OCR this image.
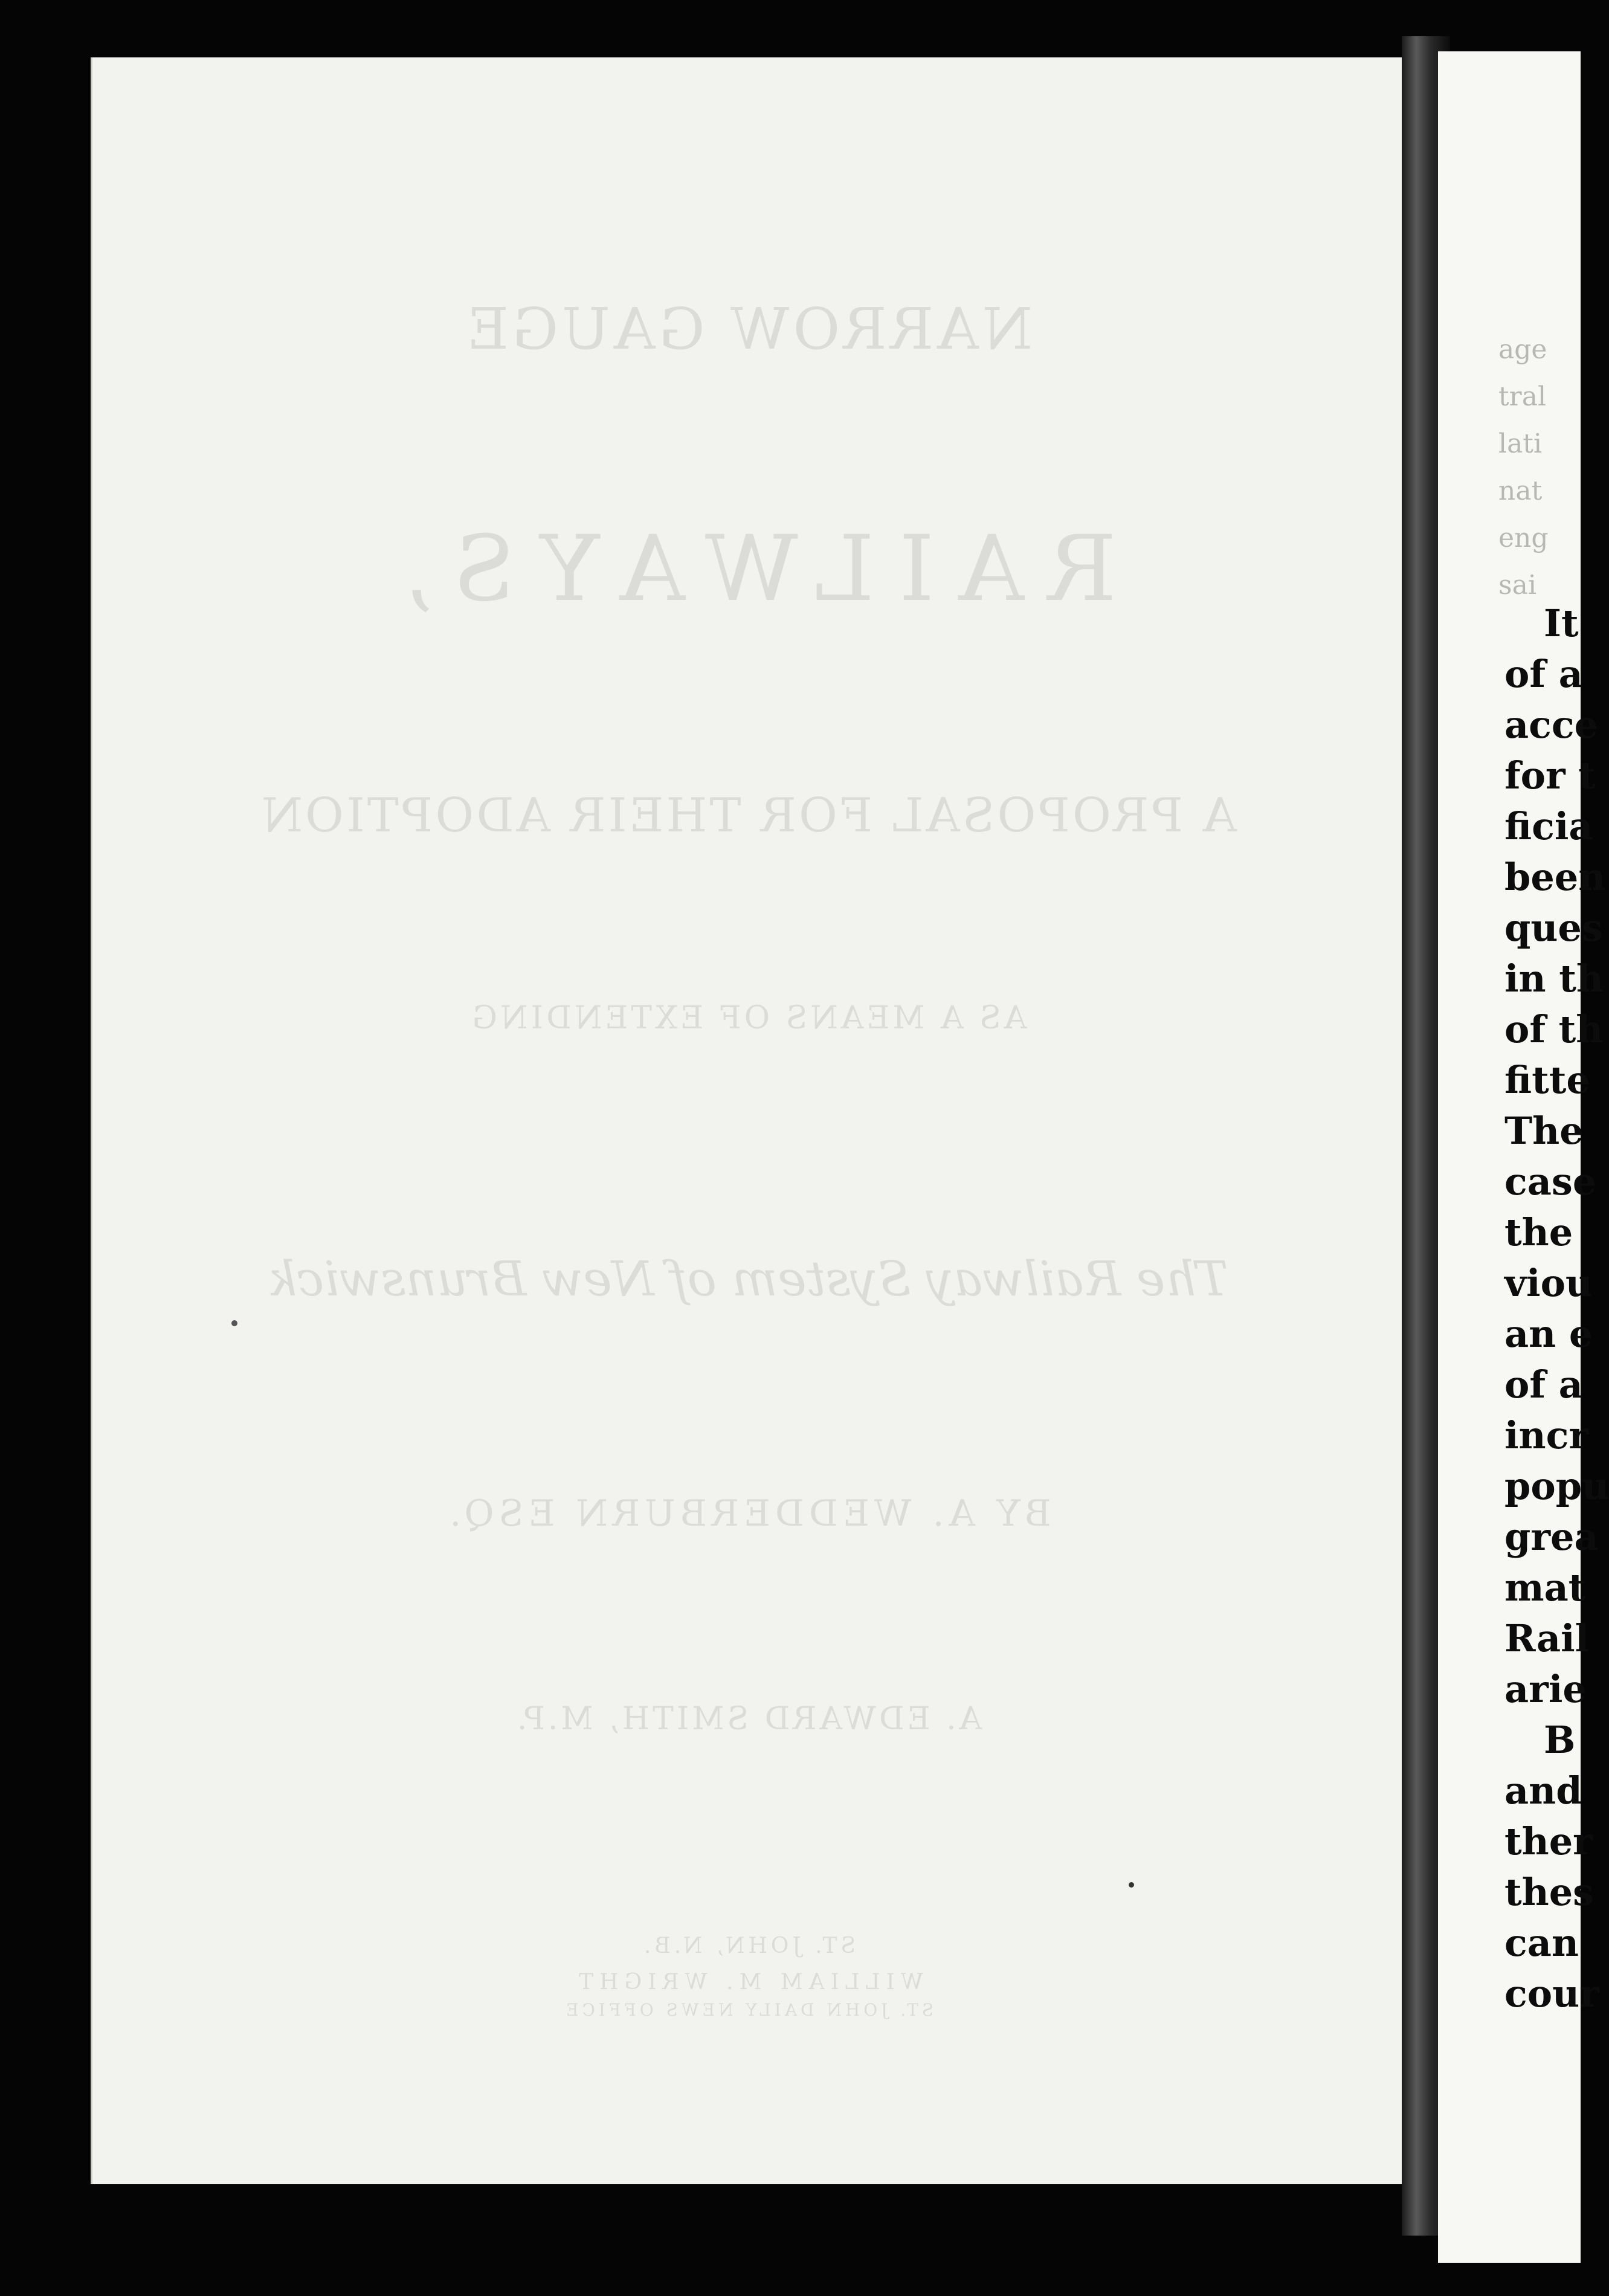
NARROW GAUGE
RAILWAYS,
A PROPOSAL FOR THEIR ADOPTION
AS A MEANS OF EXTENDING
The Railway System of New Brunswick
BY A. WEDDERBURN ESQ.
A. EDWARD SMITH, M.P.
ST. JOHN, N.B.
WILLIAM M. WRIGHT
ST. JOHN DAILY NEWS OFFICE
age
tral
lati
nat
eng
sai
It
of a
acce
for t
ficia
been
ques
in th
of th
fitte
The
case
the
viou
an e
of a
incr
popu
grea
mat
Rail
arie
B
and
ther
thes
can
cour
